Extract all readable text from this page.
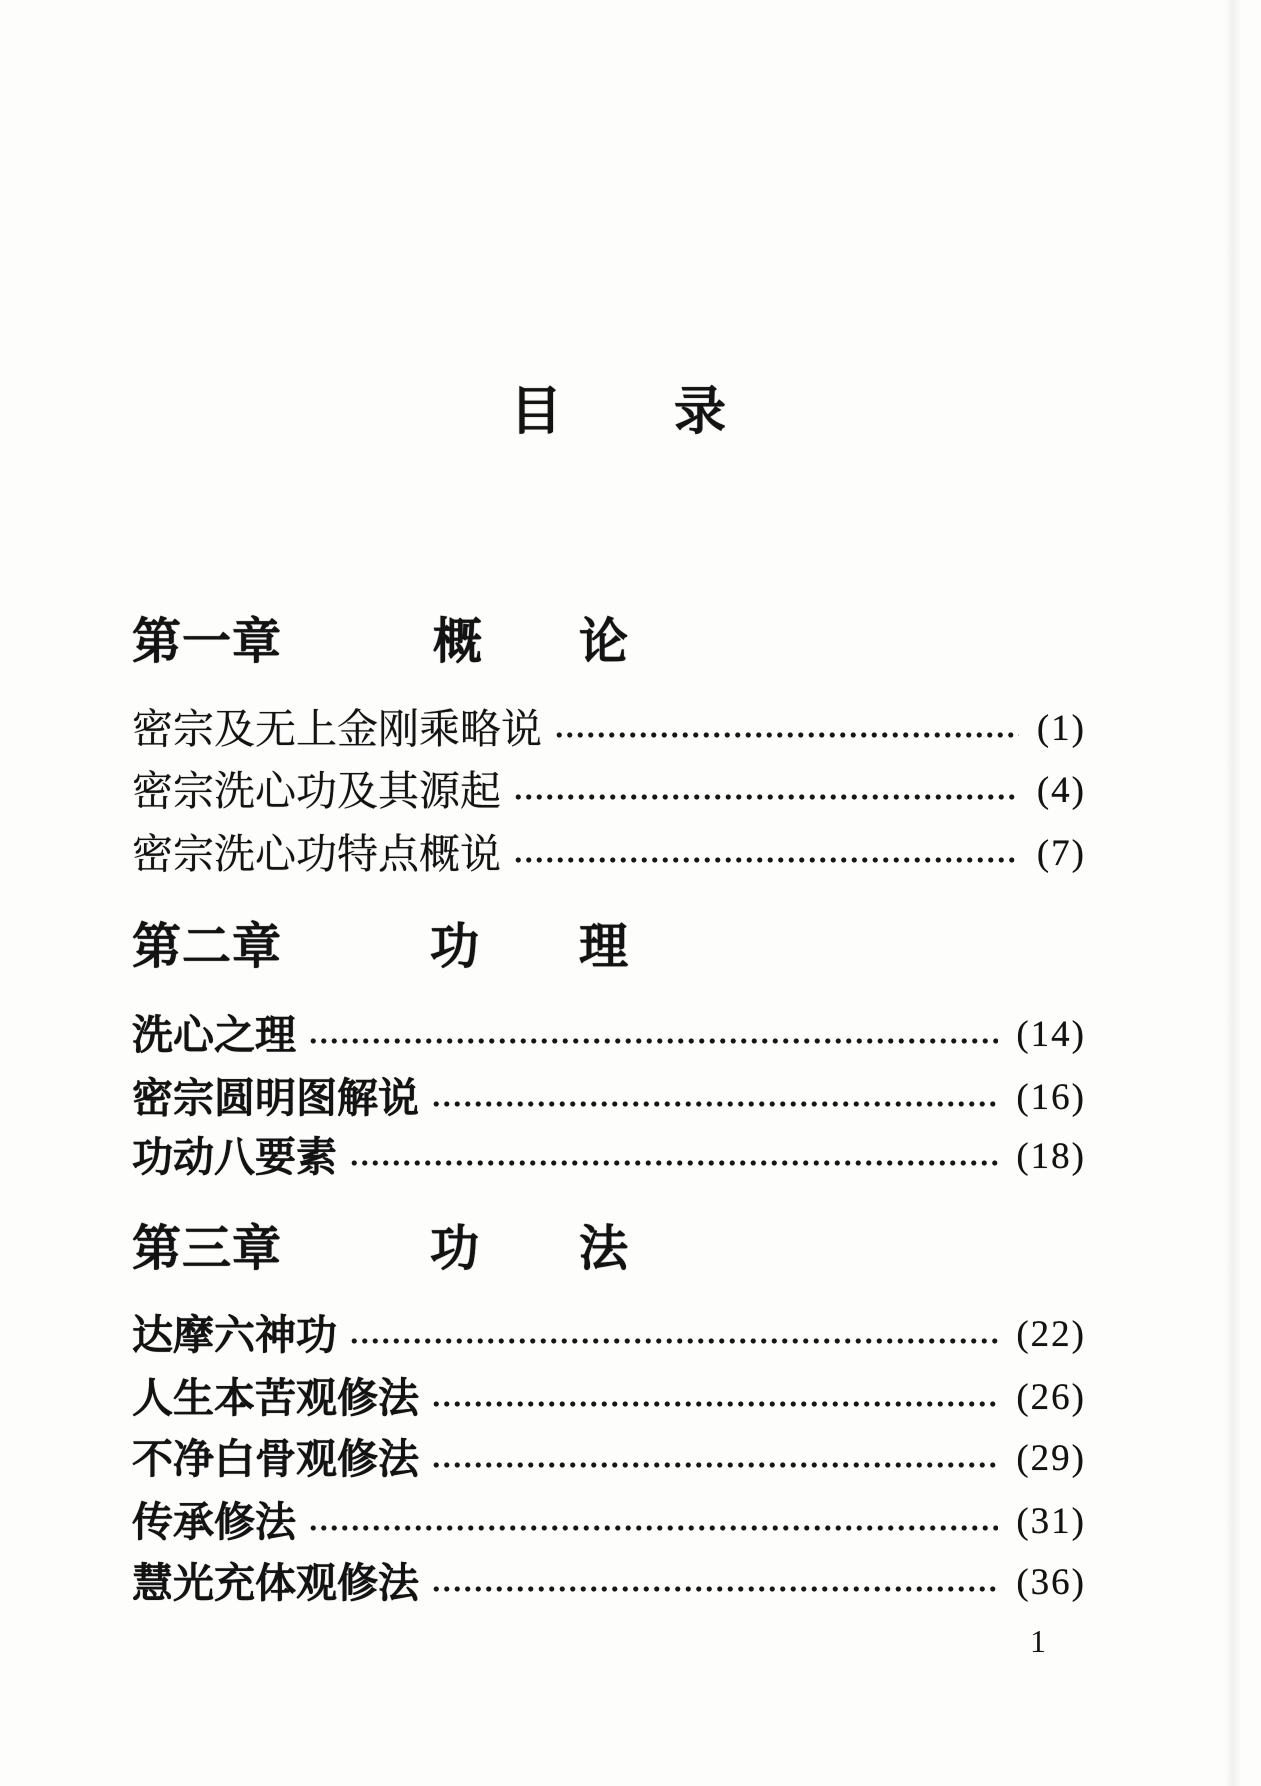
目 录
第一章	概 论
密宗及无上金刚乘略说	(1)
密宗洗心功及其源起	(4)
密宗洗心功特点概说	(7)
第二章	功 理
洗心之理	(14)
密宗圆明图解说	(16)
功动八要素	(18)
第三章	功 法
达摩六神功	(22)
人生本苦观修法	(26)
不净白骨观修法	(29)
传承修法	(31)
慧光充体观修法	(36)
1
